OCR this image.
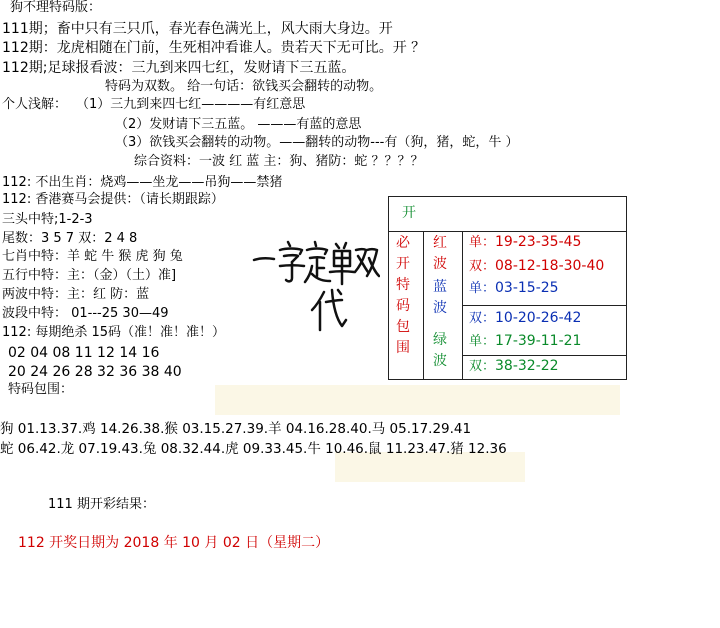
狗不理特码版：
111期；畜中只有三只爪，春光春色满光上，风大雨大身边。开
112期：龙虎相随在门前，生死相冲看谁人。贵若天下无可比。开 ？
112期;足球报看波：三九到来四七红，发财请下三五蓝。
特码为双数。 给一句话：欲钱买会翻转的动物。
个人浅解： （1）三九到来四七红————有红意思
（2）发财请下三五蓝。 ———有蓝的意思
（3）欲钱买会翻转的动物。——翻转的动物---有（狗，猪，蛇，牛 ）
综合资料：一波 红 蓝 主：狗、猪防：蛇 ？？？？
112: 不出生肖：烧鸡——坐龙——吊狗——禁猪
112: 香港赛马会提供：（请长期跟踪）
三头中特;1-2-3
尾数：3 5 7 双：2 4 8
七肖中特：羊 蛇 牛 猴 虎 狗 兔
五行中特：主：（金）（土）准]
两波中特：主：红 防：蓝
波段中特： 01---25 30—49
112: 每期绝杀 15码（准！准！准！）
02 04 08 11 12 14 16
20 24 26 28 32 36 38 40
特码包围：
狗 01.13.37.鸡 14.26.38.猴 03.15.27.39.羊 04.16.28.40.马 05.17.29.41
蛇 06.42.龙 07.19.43.兔 08.32.44.虎 09.33.45.牛 10.46.鼠 11.23.47.猪 12.36
开
必开特码包围
红波
蓝波
绿波
单：19-23-35-45
双：08-12-18-30-40
单：03-15-25
双：10-20-26-42
单：17-39-11-21
双：38-32-22
111 期开彩结果：
112 开奖日期为 2018 年 10 月 02 日（星期二）
